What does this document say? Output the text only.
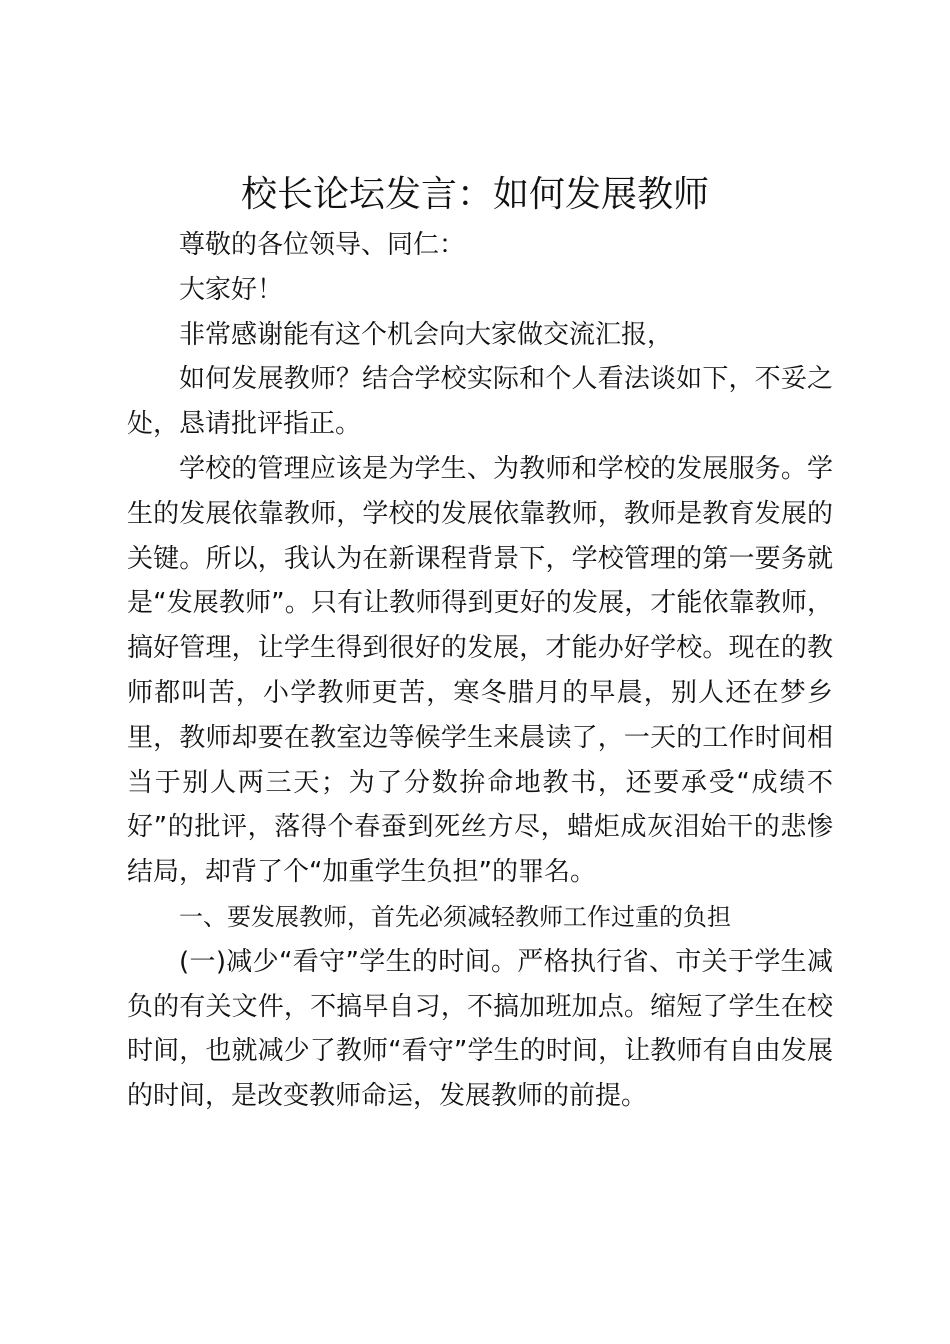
校长论坛发言：如何发展教师

尊敬的各位领导、同仁：

大家好！

非常感谢能有这个机会向大家做交流汇报，

如何发展教师？结合学校实际和个人看法谈如下，不妥之处，恳请批评指正。

学校的管理应该是为学生、为教师和学校的发展服务。学生的发展依靠教师，学校的发展依靠教师，教师是教育发展的关键。所以，我认为在新课程背景下，学校管理的第一要务就是“发展教师”。只有让教师得到更好的发展，才能依靠教师，搞好管理，让学生得到很好的发展，才能办好学校。现在的教师都叫苦，小学教师更苦，寒冬腊月的早晨，别人还在梦乡里，教师却要在教室边等候学生来晨读了，一天的工作时间相当于别人两三天；为了分数拚命地教书，还要承受“成绩不好”的批评，落得个春蚕到死丝方尽，蜡炬成灰泪始干的悲惨结局，却背了个“加重学生负担”的罪名。

一、要发展教师，首先必须减轻教师工作过重的负担

(一)减少“看守”学生的时间。严格执行省、市关于学生减负的有关文件，不搞早自习，不搞加班加点。缩短了学生在校时间，也就减少了教师“看守”学生的时间，让教师有自由发展的时间，是改变教师命运，发展教师的前提。
